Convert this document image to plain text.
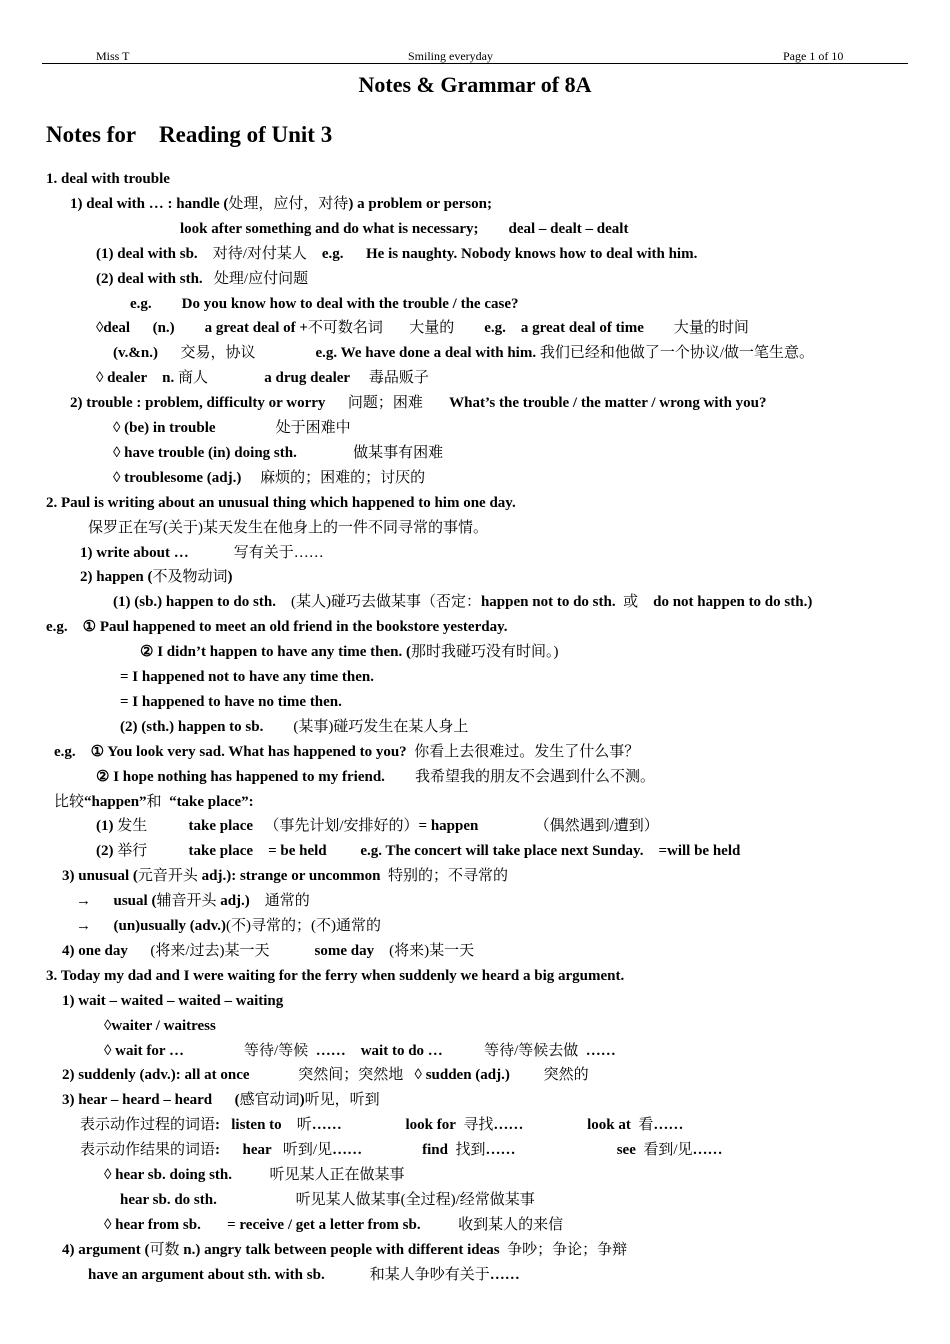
Miss T	Smiling everyday	Page 1 of 10
Notes & Grammar of 8A
Notes for    Reading of Unit 3
1. deal with trouble
1) deal with … : handle (处理，应付，对待) a problem or person;
look after something and do what is necessary;        deal – dealt – dealt
(1) deal with sb.    对待/对付某人    e.g.      He is naughty. Nobody knows how to deal with him.
(2) deal with sth.   处理/应付问题
e.g.        Do you know how to deal with the trouble / the case?
◊deal      (n.)        a great deal of +不可数名词 大量的        e.g.    a great deal of time        大量的时间
(v.&n.)      交易，协议                e.g. We have done a deal with him. 我们已经和他做了一个协议/做一笔生意。
◊ dealer    n. 商人               a drug dealer     毒品贩子
2) trouble : problem, difficulty or worry      问题；困难       What’s the trouble / the matter / wrong with you?
◊ (be) in trouble                处于困难中
◊ have trouble (in) doing sth.               做某事有困难
◊ troublesome (adj.)     麻烦的；困难的；讨厌的
2. Paul is writing about an unusual thing which happened to him one day.
保罗正在写(关于)某天发生在他身上的一件不同寻常的事情。
1) write about …            写有关于……
2) happen (不及物动词)
(1) (sb.) happen to do sth.    (某人)碰巧去做某事（否定：happen not to do sth.  或    do not happen to do sth.)
e.g.    ① Paul happened to meet an old friend in the bookstore yesterday.
② I didn’t happen to have any time then. (那时我碰巧没有时间。)
= I happened not to have any time then.
= I happened to have no time then.
(2) (sth.) happen to sb.        (某事)碰巧发生在某人身上
e.g.    ① You look very sad. What has happened to you?  你看上去很难过。发生了什么事？
② I hope nothing has happened to my friend.        我希望我的朋友不会遇到什么不测。
比较“happen”和  “take place”:
(1) 发生           take place   （事先计划/安排好的）= happen               （偶然遇到/遭到）
(2) 举行           take place    = be held         e.g. The concert will take place next Sunday.    =will be held
3) unusual (元音开头 adj.): strange or uncommon  特别的；不寻常的
→      usual (辅音开头 adj.)    通常的
→      (un)usually (adv.)(不)寻常的；(不)通常的
4) one day      (将来/过去)某一天            some day    (将来)某一天
3. Today my dad and I were waiting for the ferry when suddenly we heard a big argument.
1) wait – waited – waited – waiting
◊waiter / waitress
◊ wait for …                等待/等候  ……    wait to do …           等待/等候去做  ……
2) suddenly (adv.): all at once             突然间；突然地   ◊ sudden (adj.)         突然的
3) hear – heard – heard      (感官动词)听见，听到
表示动作过程的词语:   listen to    听……                 look for  寻找……                 look at  看……
表示动作结果的词语:      hear   听到/见……                find  找到……                           see  看到/见……
◊ hear sb. doing sth.          听见某人正在做某事
hear sb. do sth.                     听见某人做某事(全过程)/经常做某事
◊ hear from sb.       = receive / get a letter from sb.          收到某人的来信
4) argument (可数 n.) angry talk between people with different ideas  争吵；争论；争辩
have an argument about sth. with sb.            和某人争吵有关于……
